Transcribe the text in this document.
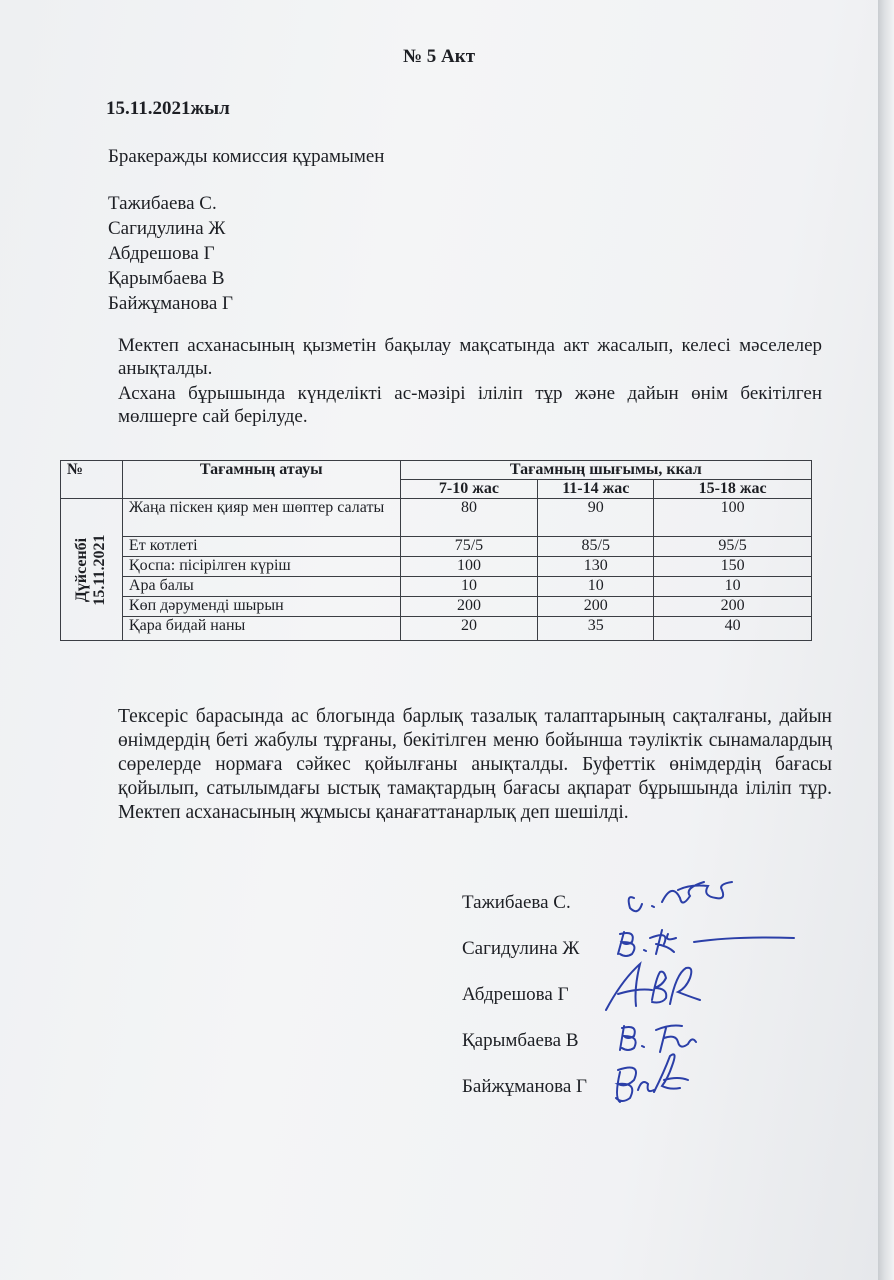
№ 5 Акт
15.11.2021жыл
Бракеражды комиссия құрамымен
Тажибаева С.
Сагидулина Ж
Абдрешова Г
Қарымбаева В
Байжұманова Г
Мектеп асханасының қызметін бақылау мақсатында акт жасалып, келесі мәселелер анықталды.
Асхана бұрышында күнделікті ас-мәзірі іліліп тұр және дайын өнім бекітілген мөлшерге сай берілуде.
№	Тағамның атауы	Тағамның шығымы, ккал		
		7-10 жас	11-14 жас	15-18 жас

Дүйсенбі 15.11.2021	Жаңа піскен қияр мен шөптер салаты	80	90	100
	Ет котлеті	75/5	85/5	95/5
	Қоспа: пісірілген күріш	100	130	150
	Ара балы	10	10	10
	Көп дәруменді шырын	200	200	200
	Қара бидай наны	20	35	40
Тексеріс барасында ас блогында барлық тазалық талаптарының сақталғаны, дайын өнімдердің беті жабулы тұрғаны, бекітілген меню бойынша тәуліктік сынамалардың сөрелерде нормаға сәйкес қойылғаны анықталды. Буфеттік өнімдердің бағасы қойылып, сатылымдағы ыстық тамақтардың бағасы ақпарат бұрышында іліліп тұр. Мектеп асханасының жұмысы қанағаттанарлық деп шешілді.
Тажибаева С.
Сагидулина Ж
Абдрешова Г
Қарымбаева В
Байжұманова Г
